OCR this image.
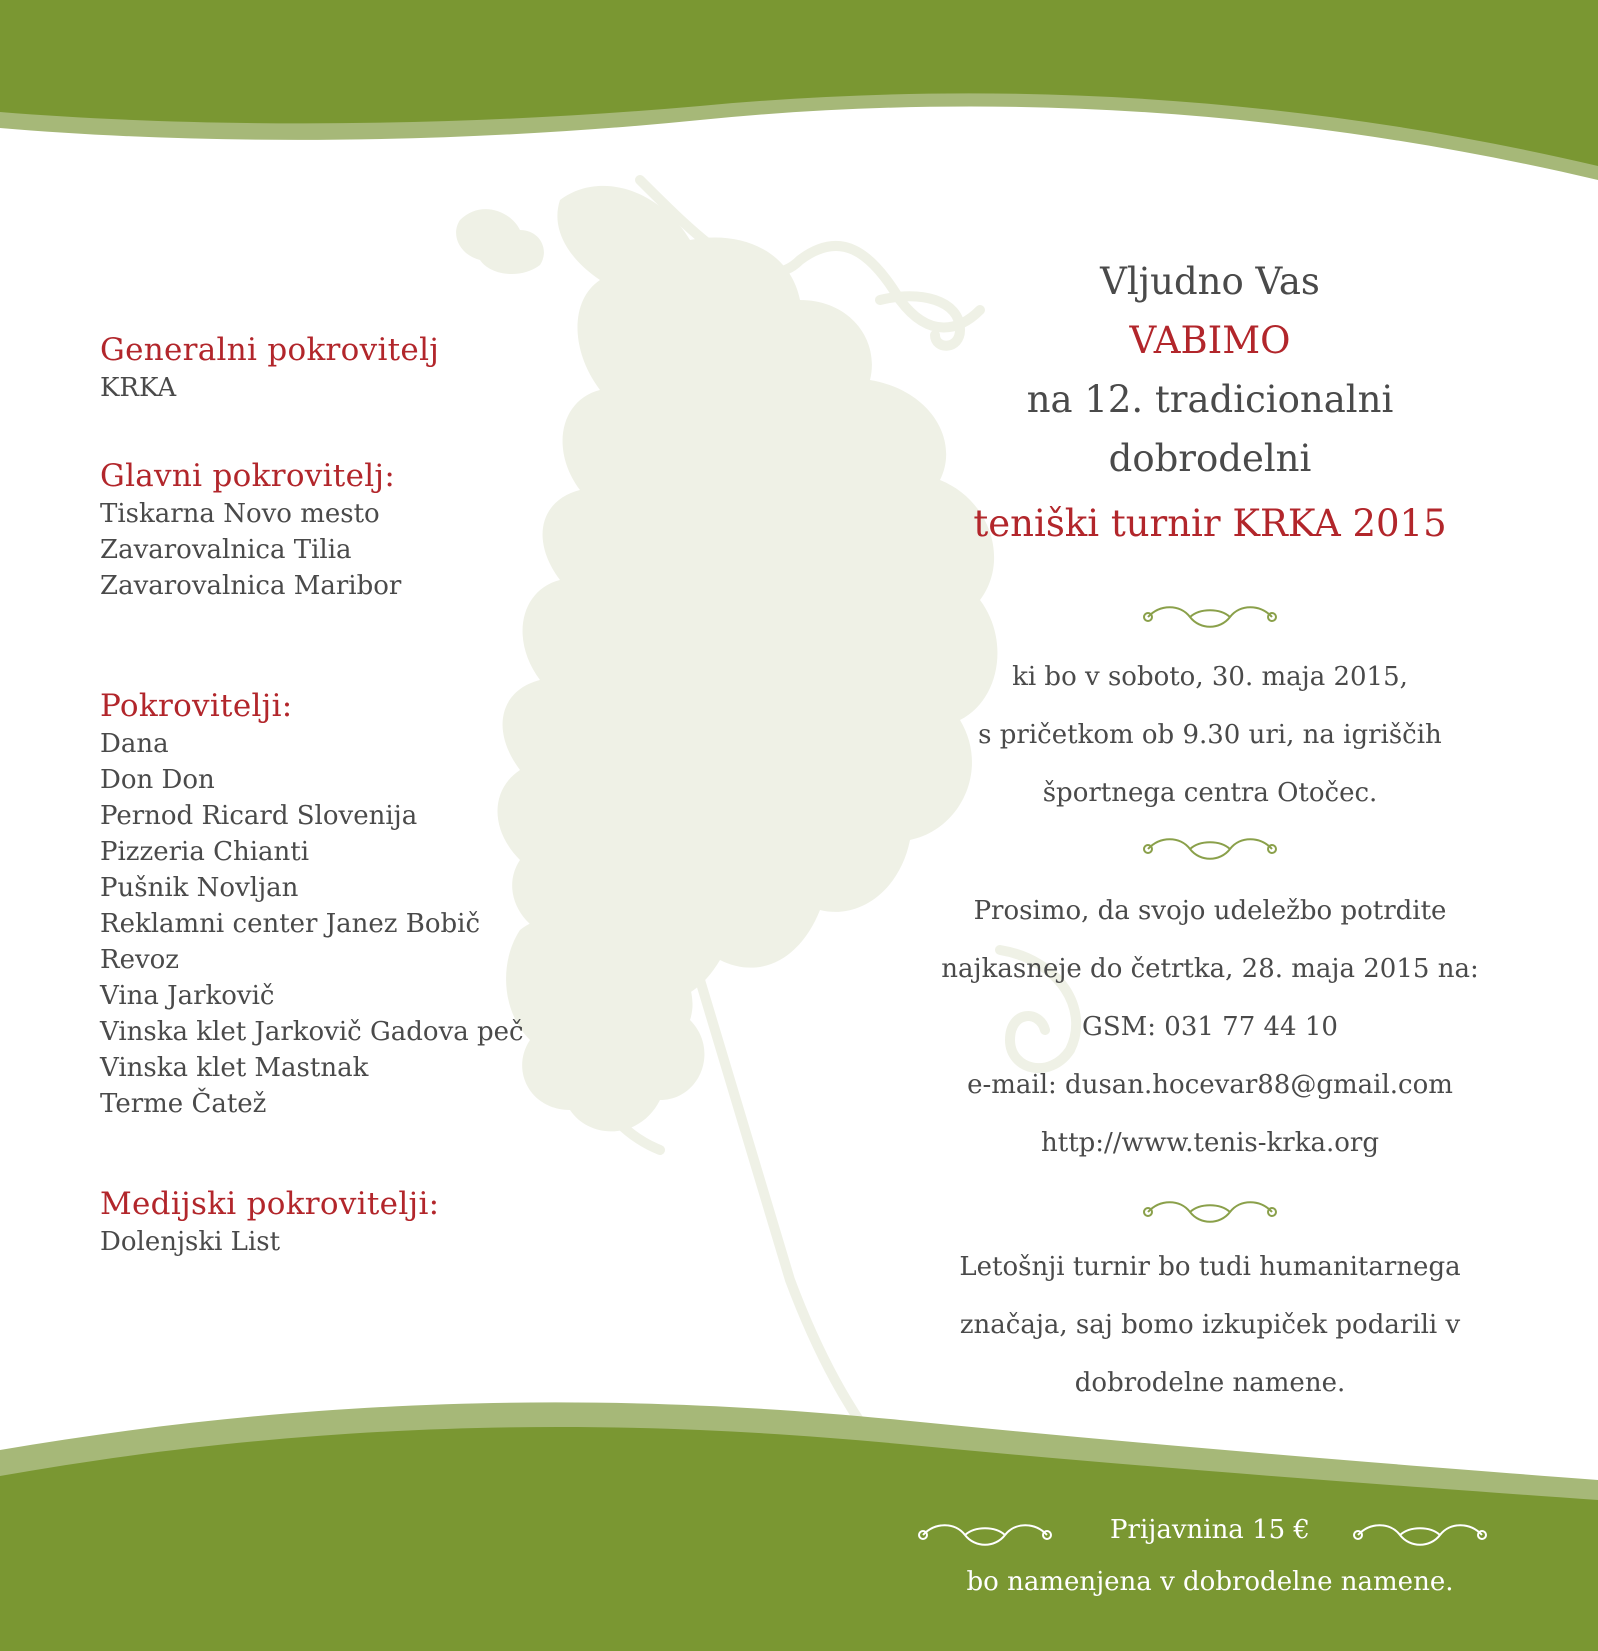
Generalni pokrovitelj
KRKA
Glavni pokrovitelj:
Tiskarna Novo mesto
Zavarovalnica Tilia
Zavarovalnica Maribor
Pokrovitelji:
Dana
Don Don
Pernod Ricard Slovenija
Pizzeria Chianti
Pušnik Novljan
Reklamni center Janez Bobič
Revoz
Vina Jarkovič
Vinska klet Jarkovič Gadova peč
Vinska klet Mastnak
Terme Čatež
Medijski pokrovitelji:
Dolenjski List
Vljudno Vas
VABIMO
na 12. tradicionalni
dobrodelni
teniški turnir KRKA 2015
ki bo v soboto, 30. maja 2015,
s pričetkom ob 9.30 uri, na igriščih
športnega centra Otočec.
Prosimo, da svojo udeležbo potrdite
najkasneje do četrtka, 28. maja 2015 na:
GSM: 031 77 44 10
e-mail: dusan.hocevar88@gmail.com
http://www.tenis-krka.org
Letošnji turnir bo tudi humanitarnega
značaja, saj bomo izkupiček podarili v
dobrodelne namene.
Prijavnina 15 €
bo namenjena v dobrodelne namene.
